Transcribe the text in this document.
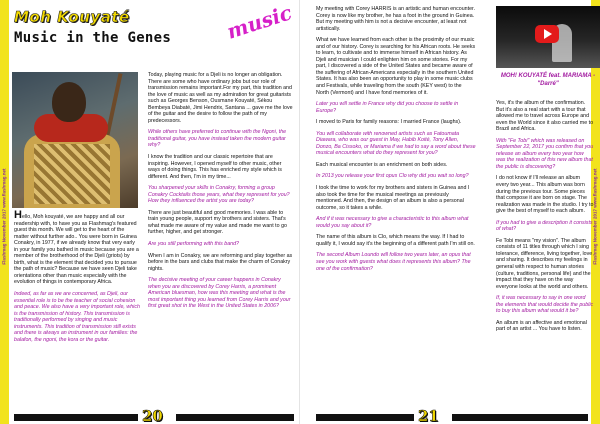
Flashmag November 2017 www.flashmag.net
Moh Kouyaté
Music in the Genes	music

Hello, Moh kouyaté, we are happy and all our readership with, to have you as Flashmag's featured guest this month. We will get to the heart of the matter without further ado.. You were born in Guinea Conakry, in 1977, if we already know that very early in your family you bathed in music because you are a member of the brotherhood of the Djeli (griots) by birth, what is the element that decided you to pursue the path of music? Because we have seen Djeli take orientations other than music especially with the evolution of things in contemporary Africa.

Indeed, as far as we are concerned, as Djeli, our essential role is to be the teacher of social cohesion and peace. We also have a very important role, which is the transmission of history. This transmission is traditionally performed by singing and music instruments. This tradition of transmission still exists and there is always an instrument in our families: the balafon, the ngoni, the kora or the guitar.

Today, playing music for a Djeli is no longer an obligation. There are some who have ordinary jobs but our role of transmission remains important.For my part, this tradition and the love of music as well as my admiration for great guitarists such as Georges Benson, Ousmane Kouyaté, Sékou Bembeya Diabaté, Jimi Hendrix, Santana ... gave me the love of the guitar and the desire to follow the path of my predecessors.

While others have preferred to continue with the Ngoni, the traditional guitar, you have instead taken the modern guitar why?

I know the tradition and our classic repertoire that are inspiring. However, I opened myself to other music, other ways of doing things. This has enriched my style which is different. And then, I'm in my time...

You sharpened your skills in Conakry, forming a group Conakry Cocktails those years, what they represent for you? How they influenced the artist you are today?

There are just beautiful and good memories. I was able to train young people, support my brothers and sisters. That's what made me aware of my value and made me want to go further, higher, and get stronger.

Are you still performing with this band?

When I am in Conakry, we are reforming and play together as before in the bars and clubs that make the charm of Conakry nights.

The decisive meeting of your career happens in Conakry when you are discovered by Corey Harris, a prominent American bluesman, how was this meeting and what is the most important thing you learned from Corey Harris and your first great shot in the West in the United States in 2006?

20
Flashmag November 2017 www.flashmag.net

My meeting with Corey HARRIS is an artistic and human encounter. Corey is now like my brother, he has a foot in the ground in Guinea. But my meeting with him is not a decisive encounter, at least not artistically.

What we have learned from each other is the proximity of our music and of our history. Corey is searching for his African roots. He seeks to learn, to cultivate and to immerse himself in African history. As Djeli and musician I could enlighten him on some stories. For my part, I discovered a side of the United States and became aware of the suffering of African-Americans especially in the southern United States. It has also been an opportunity to play in some music clubs and Festivals, while traveling from the south (KEY west) to the North (Vermont) and I have fond memories of it.

Later you will settle in France why did you choose to settle in Europe?

I moved to Paris for family reasons: I married France (laughs).

You will collaborate with renowned artists such as Fatoumata Diawara, who was our guest in May, Habib Koité, Tony Allen, Donzo, Ba Cissoko, or Mariama if we had to say a word about these musical encounters what do they represent for you?

Each musical encounter is an enrichment on both sides.

In 2013 you release your first opus Clo why did you wait so long?

I took the time to work for my brothers and sisters in Guinea and I also took the time for the musical meetings as previously mentioned. And then, the design of an album is also a personal outcome, so it takes a while.

And if it was necessary to give a characteristic to this album what would you say about it?

The name of this album is Clo, which means the way. If I had to qualify it, I would say it's the beginning of a different path I'm still on.

The second Album Loundo will follow two years later, an opus that see you work with guests what does it represents this album? The one of the confirmation?

MOH! KOUYATÉ feat. MARIAMA - "Darré"

Yes, it's the album of the confirmation. But it's also a real start with a tour that allowed me to travel across Europe and even the World since it also carried me to Brazil and Africa.

With "Fe Tobi" which was released on September 22, 2017 you confirm that you release an album every two year how was the realization of this new album that the public is discovering?

I do not know if I'll release an album every two year... This album was born during the previous tour. Some pieces that compose it are born on stage. The realization was made in the studio. I try to give the best of myself to each album.

If you had to give a description it consists of what?

Fe Tobi means "my vision". The album consists of 11 titles through which I sing tolerance, difference, living together, love and sharing. It describes my feelings in general with respect to human stories (culture, traditions, personal life) and the impact that they have on the way everyone looks at the world and others.

If, it was necessary to say in one word the elements that would decide the public to buy this album what would it be?

An album is an affective and emotional part of an artist ... You have to listen.

21
